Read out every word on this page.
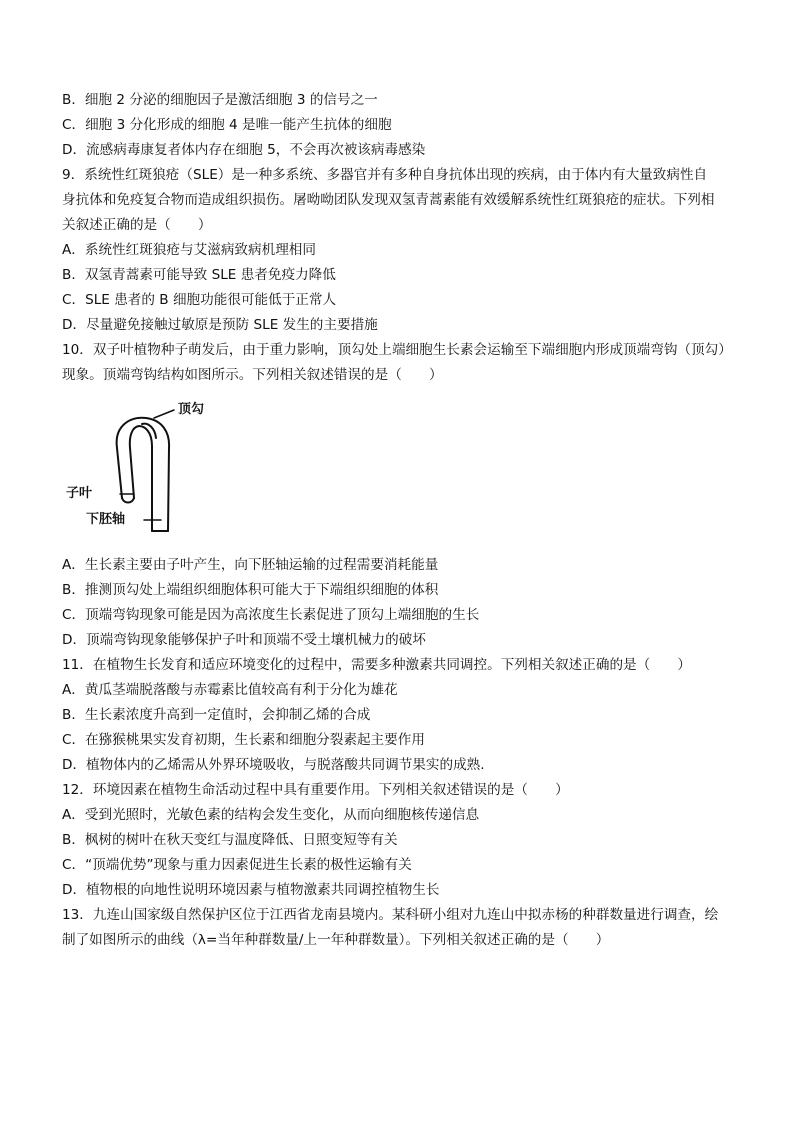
B．细胞 2 分泌的细胞因子是激活细胞 3 的信号之一
C．细胞 3 分化形成的细胞 4 是唯一能产生抗体的细胞
D．流感病毒康复者体内存在细胞 5，不会再次被该病毒感染
9．系统性红斑狼疮（SLE）是一种多系统、多器官并有多种自身抗体出现的疾病，由于体内有大量致病性自
身抗体和免疫复合物而造成组织损伤。屠呦呦团队发现双氢青蒿素能有效缓解系统性红斑狼疮的症状。下列相
关叙述正确的是（　　）
A．系统性红斑狼疮与艾滋病致病机理相同
B．双氢青蒿素可能导致 SLE 患者免疫力降低
C．SLE 患者的 B 细胞功能很可能低于正常人
D．尽量避免接触过敏原是预防 SLE 发生的主要措施
10．双子叶植物种子萌发后，由于重力影响，顶勾处上端细胞生长素会运输至下端细胞内形成顶端弯钩（顶勾）
现象。顶端弯钩结构如图所示。下列相关叙述错误的是（　　）
顶勾
子叶
下胚轴
A．生长素主要由子叶产生，向下胚轴运输的过程需要消耗能量
B．推测顶勾处上端组织细胞体积可能大于下端组织细胞的体积
C．顶端弯钩现象可能是因为高浓度生长素促进了顶勾上端细胞的生长
D．顶端弯钩现象能够保护子叶和顶端不受土壤机械力的破坏
11．在植物生长发育和适应环境变化的过程中，需要多种激素共同调控。下列相关叙述正确的是（　　）
A．黄瓜茎端脱落酸与赤霉素比值较高有利于分化为雄花
B．生长素浓度升高到一定值时，会抑制乙烯的合成
C．在猕猴桃果实发育初期，生长素和细胞分裂素起主要作用
D．植物体内的乙烯需从外界环境吸收，与脱落酸共同调节果实的成熟.
12．环境因素在植物生命活动过程中具有重要作用。下列相关叙述错误的是（　　）
A．受到光照时，光敏色素的结构会发生变化，从而向细胞核传递信息
B．枫树的树叶在秋天变红与温度降低、日照变短等有关
C．“顶端优势”现象与重力因素促进生长素的极性运输有关
D．植物根的向地性说明环境因素与植物激素共同调控植物生长
13．九连山国家级自然保护区位于江西省龙南县境内。某科研小组对九连山中拟赤杨的种群数量进行调查，绘
制了如图所示的曲线（λ=当年种群数量/上一年种群数量）。下列相关叙述正确的是（　　）
